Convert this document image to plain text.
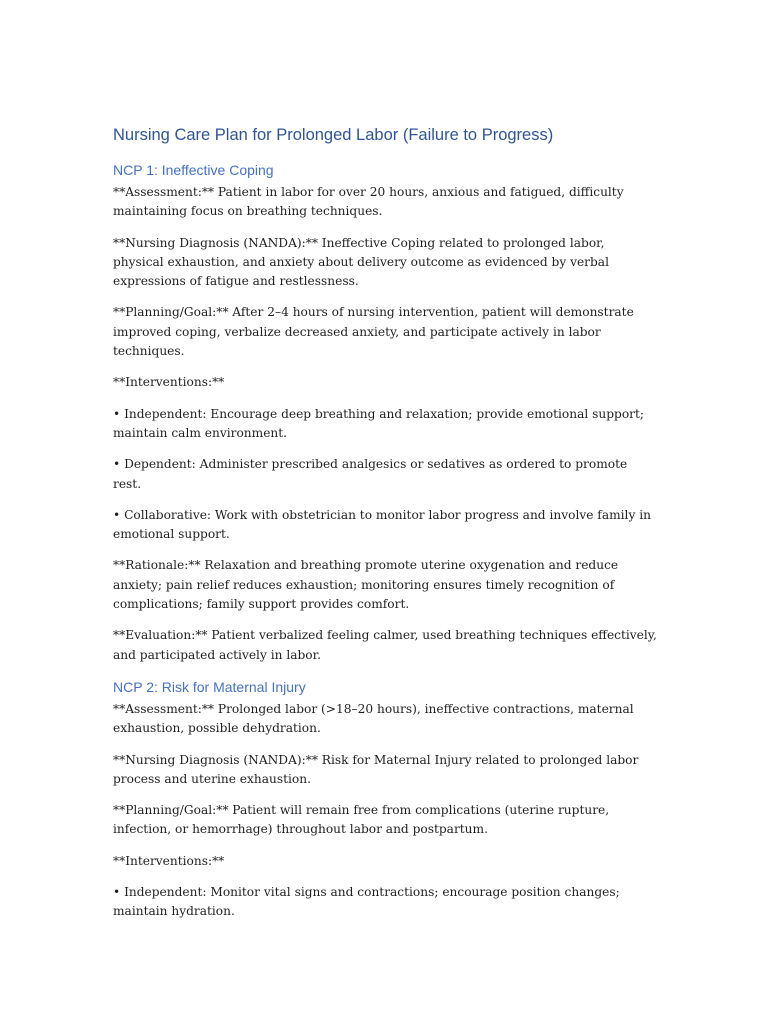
Nursing Care Plan for Prolonged Labor (Failure to Progress)
NCP 1: Ineffective Coping

**Assessment:** Patient in labor for over 20 hours, anxious and fatigued, difficulty maintaining focus on breathing techniques.

**Nursing Diagnosis (NANDA):** Ineffective Coping related to prolonged labor, physical exhaustion, and anxiety about delivery outcome as evidenced by verbal expressions of fatigue and restlessness.

**Planning/Goal:** After 2–4 hours of nursing intervention, patient will demonstrate improved coping, verbalize decreased anxiety, and participate actively in labor techniques.

**Interventions:**

• Independent: Encourage deep breathing and relaxation; provide emotional support; maintain calm environment.

• Dependent: Administer prescribed analgesics or sedatives as ordered to promote rest.

• Collaborative: Work with obstetrician to monitor labor progress and involve family in emotional support.

**Rationale:** Relaxation and breathing promote uterine oxygenation and reduce anxiety; pain relief reduces exhaustion; monitoring ensures timely recognition of complications; family support provides comfort.

**Evaluation:** Patient verbalized feeling calmer, used breathing techniques effectively, and participated actively in labor.

NCP 2: Risk for Maternal Injury

**Assessment:** Prolonged labor (>18–20 hours), ineffective contractions, maternal exhaustion, possible dehydration.

**Nursing Diagnosis (NANDA):** Risk for Maternal Injury related to prolonged labor process and uterine exhaustion.

**Planning/Goal:** Patient will remain free from complications (uterine rupture, infection, or hemorrhage) throughout labor and postpartum.

**Interventions:**

• Independent: Monitor vital signs and contractions; encourage position changes; maintain hydration.
